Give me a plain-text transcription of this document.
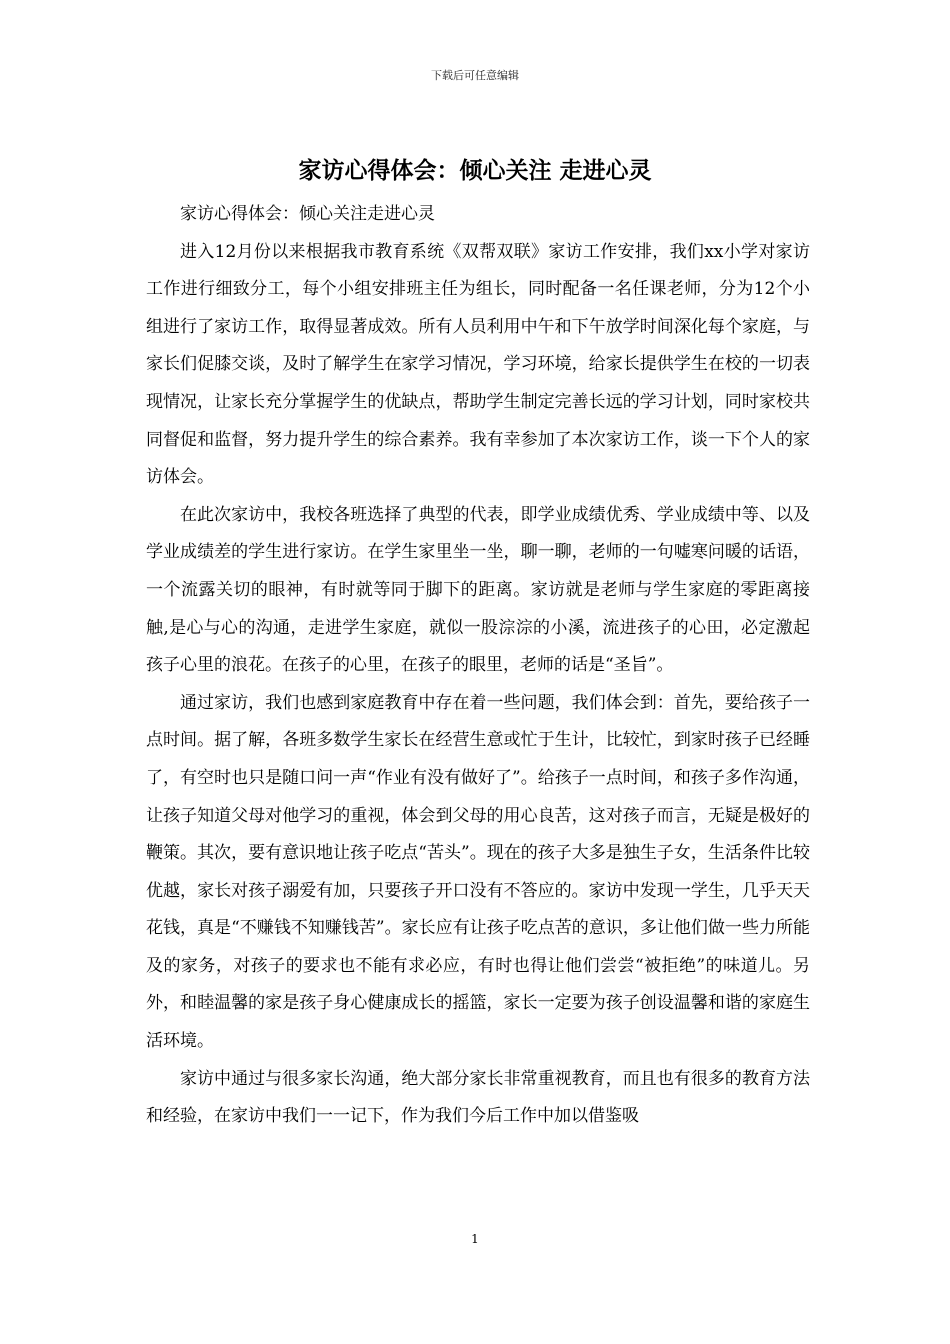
下载后可任意编辑
家访心得体会：倾心关注 走进心灵

家访心得体会：倾心关注走进心灵

进入12月份以来根据我市教育系统《双帮双联》家访工作安排，我们xx小学对家访工作进行细致分工，每个小组安排班主任为组长，同时配备一名任课老师，分为12个小组进行了家访工作，取得显著成效。所有人员利用中午和下午放学时间深化每个家庭，与家长们促膝交谈，及时了解学生在家学习情况，学习环境，给家长提供学生在校的一切表现情况，让家长充分掌握学生的优缺点，帮助学生制定完善长远的学习计划，同时家校共同督促和监督，努力提升学生的综合素养。我有幸参加了本次家访工作，谈一下个人的家访体会。

在此次家访中，我校各班选择了典型的代表，即学业成绩优秀、学业成绩中等、以及学业成绩差的学生进行家访。在学生家里坐一坐，聊一聊，老师的一句嘘寒问暖的话语，一个流露关切的眼神，有时就等同于脚下的距离。家访就是老师与学生家庭的零距离接触,是心与心的沟通，走进学生家庭，就似一股淙淙的小溪，流进孩子的心田，必定激起孩子心里的浪花。在孩子的心里，在孩子的眼里，老师的话是“圣旨”。

通过家访，我们也感到家庭教育中存在着一些问题，我们体会到：首先，要给孩子一点时间。据了解，各班多数学生家长在经营生意或忙于生计，比较忙，到家时孩子已经睡了，有空时也只是随口问一声“作业有没有做好了”。给孩子一点时间，和孩子多作沟通，让孩子知道父母对他学习的重视，体会到父母的用心良苦，这对孩子而言，无疑是极好的鞭策。其次，要有意识地让孩子吃点“苦头”。现在的孩子大多是独生子女，生活条件比较优越，家长对孩子溺爱有加，只要孩子开口没有不答应的。家访中发现一学生，几乎天天花钱，真是“不赚钱不知赚钱苦”。家长应有让孩子吃点苦的意识，多让他们做一些力所能及的家务，对孩子的要求也不能有求必应，有时也得让他们尝尝“被拒绝”的味道儿。另外，和睦温馨的家是孩子身心健康成长的摇篮，家长一定要为孩子创设温馨和谐的家庭生活环境。

家访中通过与很多家长沟通，绝大部分家长非常重视教育，而且也有很多的教育方法和经验，在家访中我们一一记下，作为我们今后工作中加以借鉴吸

1
